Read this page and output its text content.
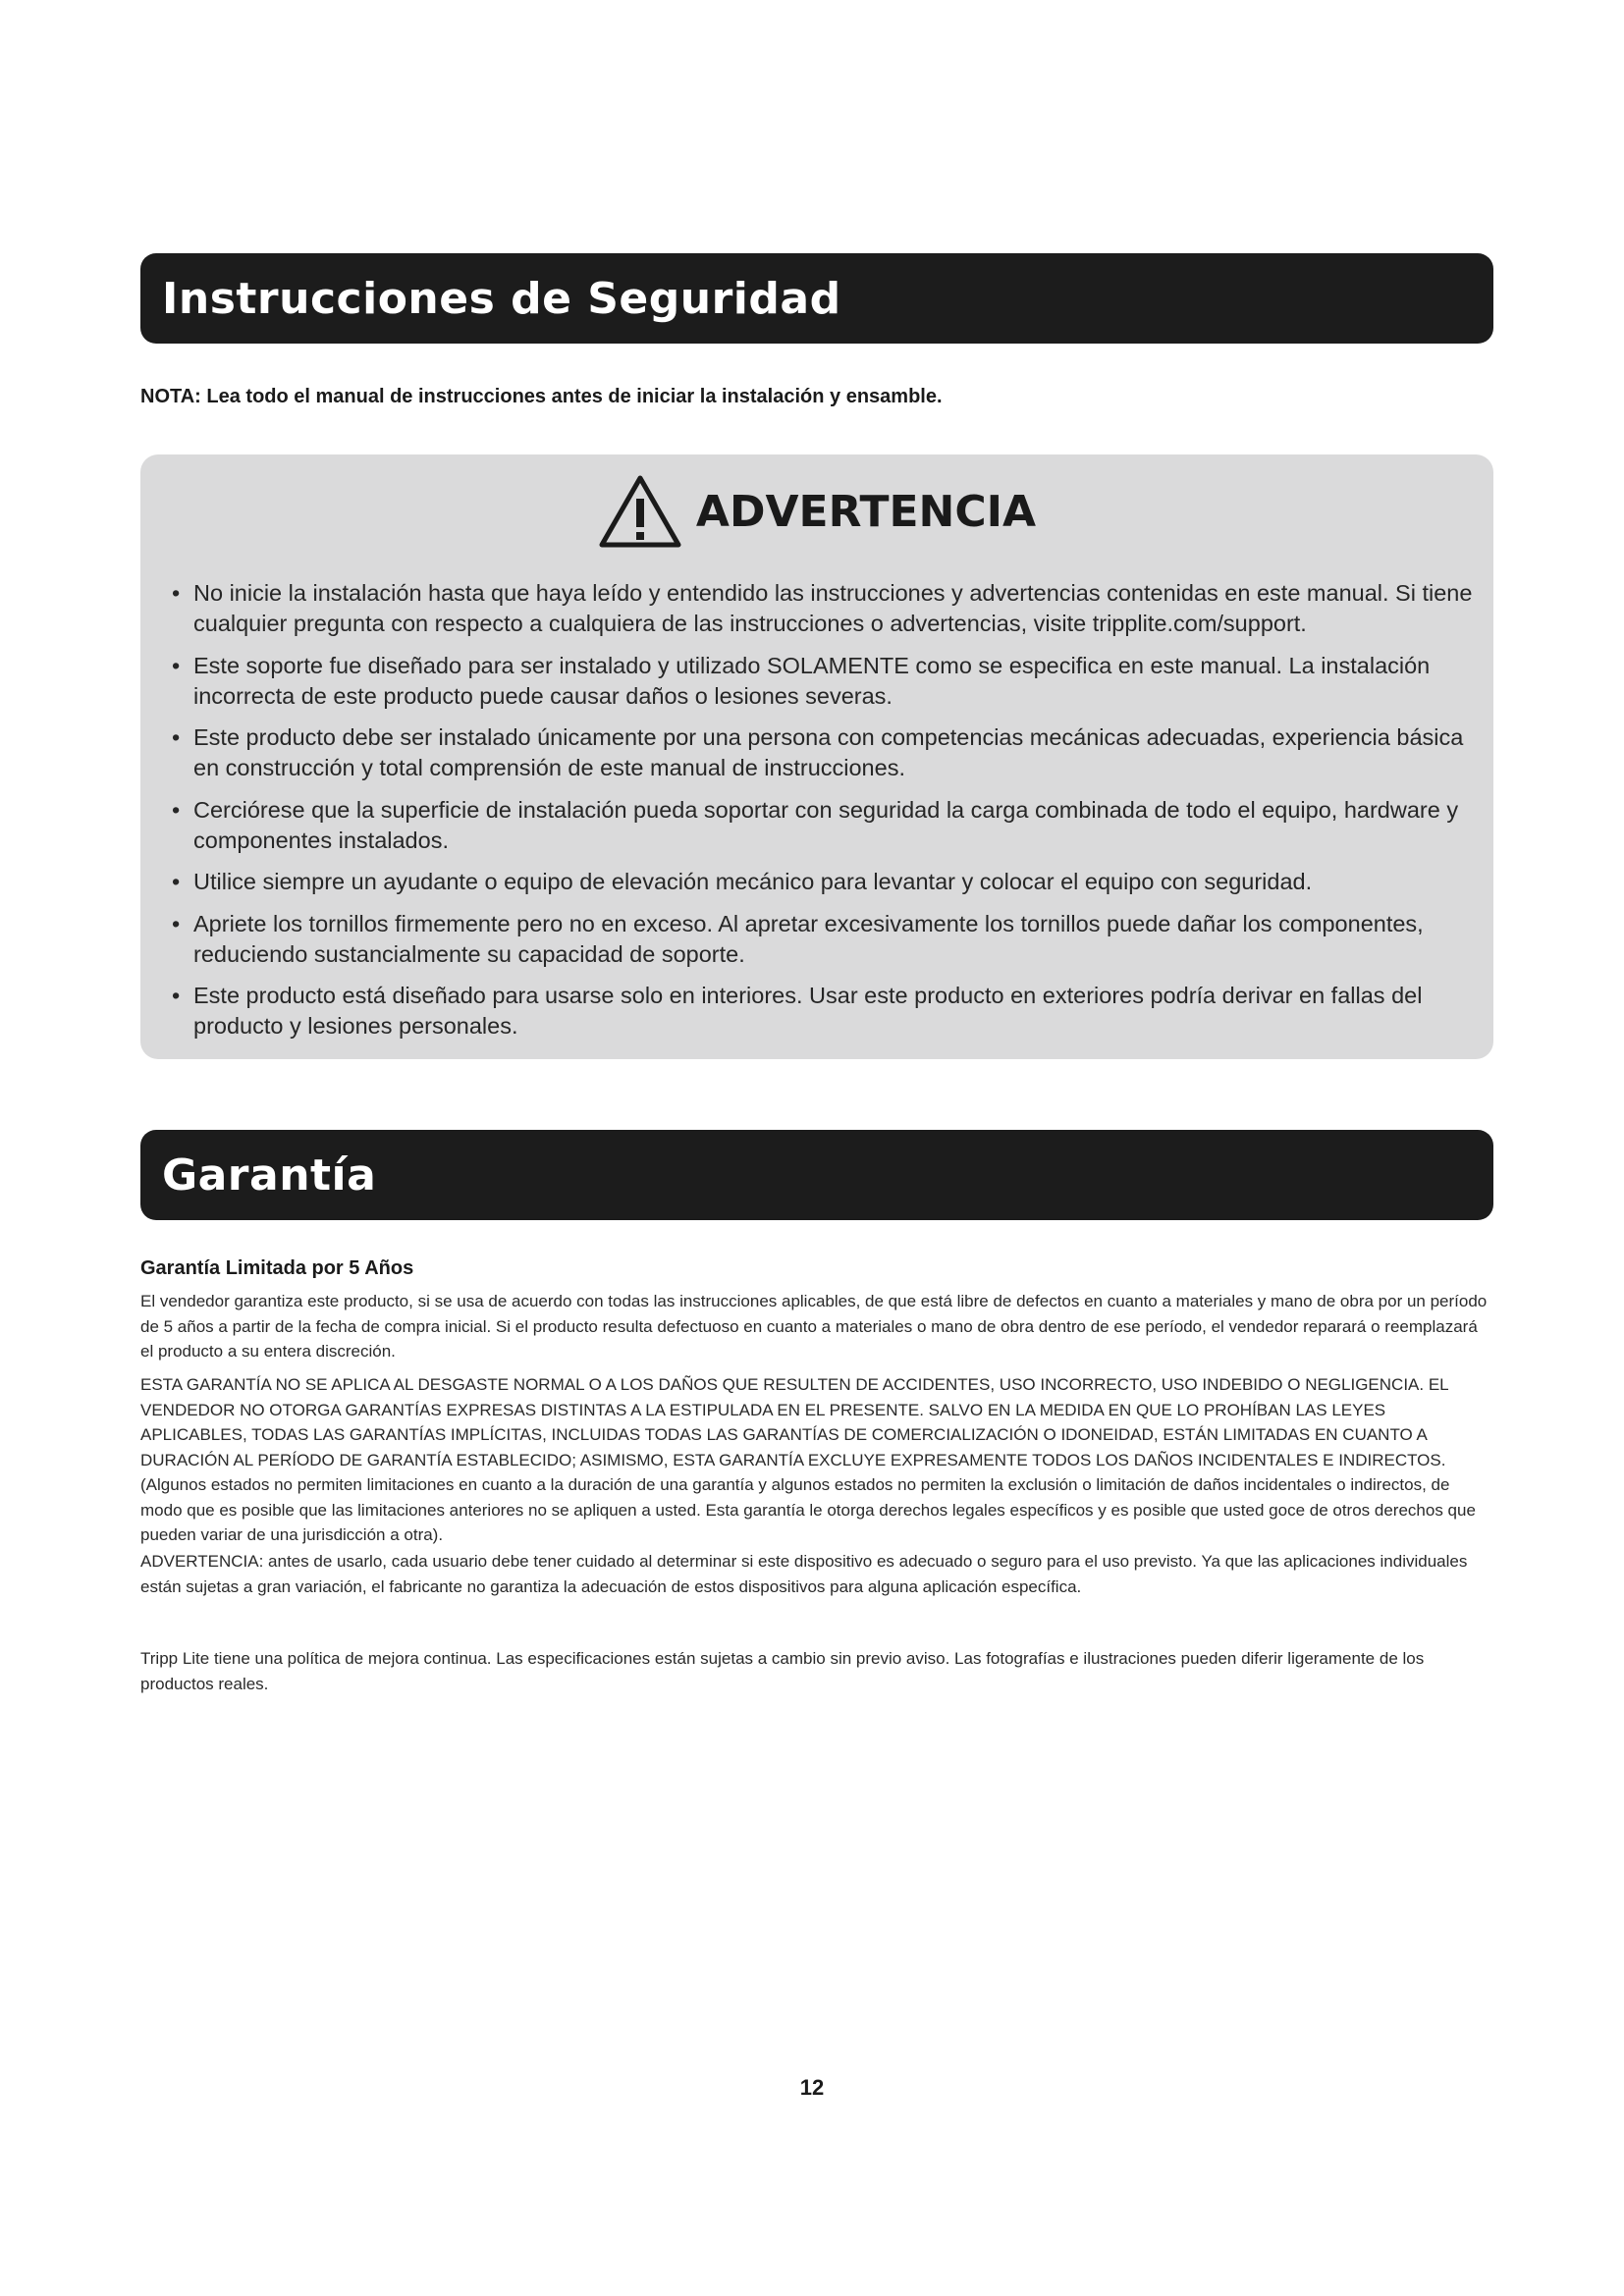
Instrucciones de Seguridad

NOTA: Lea todo el manual de instrucciones antes de iniciar la instalación y ensamble.

ADVERTENCIA
• No inicie la instalación hasta que haya leído y entendido las instrucciones y advertencias contenidas en este manual. Si tiene cualquier pregunta con respecto a cualquiera de las instrucciones o advertencias, visite tripplite.com/support.
• Este soporte fue diseñado para ser instalado y utilizado SOLAMENTE como se especifica en este manual. La instalación incorrecta de este producto puede causar daños o lesiones severas.
• Este producto debe ser instalado únicamente por una persona con competencias mecánicas adecuadas, experiencia básica en construcción y total comprensión de este manual de instrucciones.
• Cerciórese que la superficie de instalación pueda soportar con seguridad la carga combinada de todo el equipo, hardware y componentes instalados.
• Utilice siempre un ayudante o equipo de elevación mecánico para levantar y colocar el equipo con seguridad.
• Apriete los tornillos firmemente pero no en exceso. Al apretar excesivamente los tornillos puede dañar los componentes, reduciendo sustancialmente su capacidad de soporte.
• Este producto está diseñado para usarse solo en interiores. Usar este producto en exteriores podría derivar en fallas del producto y lesiones personales.
Garantía

Garantía Limitada por 5 Años

El vendedor garantiza este producto, si se usa de acuerdo con todas las instrucciones aplicables, de que está libre de defectos en cuanto a materiales y mano de obra por un período de 5 años a partir de la fecha de compra inicial. Si el producto resulta defectuoso en cuanto a materiales o mano de obra dentro de ese período, el vendedor reparará o reemplazará el producto a su entera discreción.

ESTA GARANTÍA NO SE APLICA AL DESGASTE NORMAL O A LOS DAÑOS QUE RESULTEN DE ACCIDENTES, USO INCORRECTO, USO INDEBIDO O NEGLIGENCIA. EL VENDEDOR NO OTORGA GARANTÍAS EXPRESAS DISTINTAS A LA ESTIPULADA EN EL PRESENTE. SALVO EN LA MEDIDA EN QUE LO PROHÍBAN LAS LEYES APLICABLES, TODAS LAS GARANTÍAS IMPLÍCITAS, INCLUIDAS TODAS LAS GARANTÍAS DE COMERCIALIZACIÓN O IDONEIDAD, ESTÁN LIMITADAS EN CUANTO A DURACIÓN AL PERÍODO DE GARANTÍA ESTABLECIDO; ASIMISMO, ESTA GARANTÍA EXCLUYE EXPRESAMENTE TODOS LOS DAÑOS INCIDENTALES E INDIRECTOS. (Algunos estados no permiten limitaciones en cuanto a la duración de una garantía y algunos estados no permiten la exclusión o limitación de daños incidentales o indirectos, de modo que es posible que las limitaciones anteriores no se apliquen a usted. Esta garantía le otorga derechos legales específicos y es posible que usted goce de otros derechos que pueden variar de una jurisdicción a otra).

ADVERTENCIA: antes de usarlo, cada usuario debe tener cuidado al determinar si este dispositivo es adecuado o seguro para el uso previsto. Ya que las aplicaciones individuales están sujetas a gran variación, el fabricante no garantiza la adecuación de estos dispositivos para alguna aplicación específica.

Tripp Lite tiene una política de mejora continua. Las especificaciones están sujetas a cambio sin previo aviso. Las fotografías e ilustraciones pueden diferir ligeramente de los productos reales.

12
